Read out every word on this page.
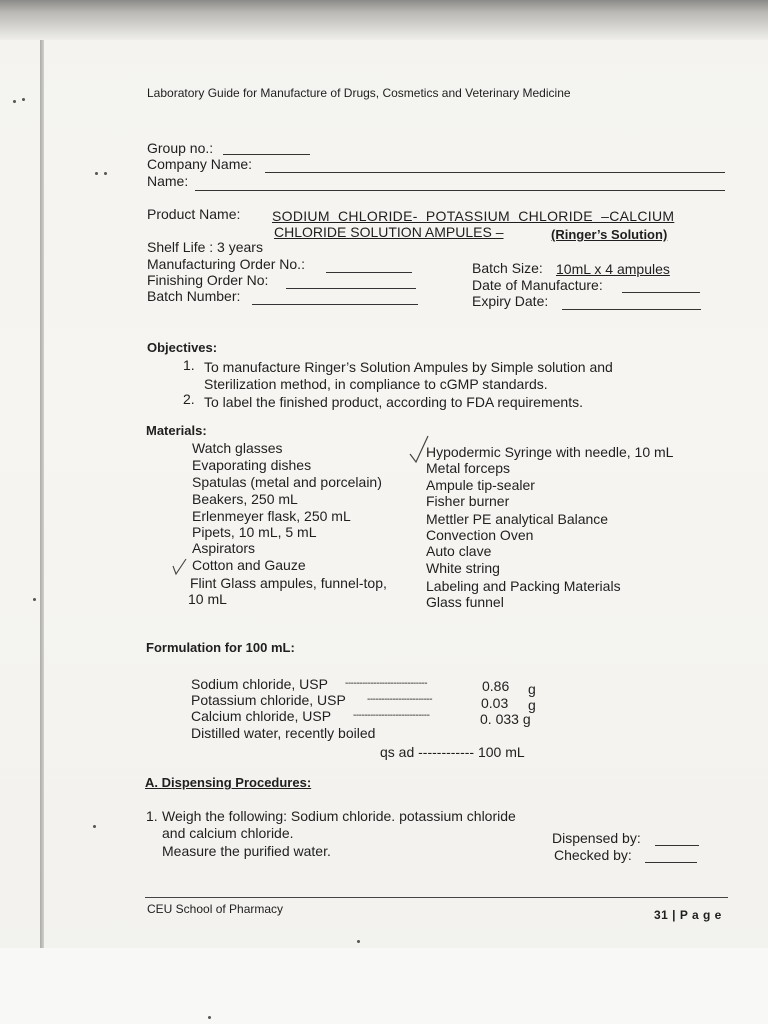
Laboratory Guide for Manufacture of Drugs, Cosmetics and Veterinary Medicine
Group no.:
Company Name:
Name:
Product Name: SODIUM CHLORIDE- POTASSIUM CHLORIDE –CALCIUM
CHLORIDE SOLUTION AMPULES –	(Ringer’s Solution)
Shelf Life : 3 years
Manufacturing Order No.:
Finishing Order No:
Batch Number:
Batch Size: 10mL x 4 ampules
Date of Manufacture:
Expiry Date:
Objectives:
1. To manufacture Ringer’s Solution Ampules by Simple solution and
Sterilization method, in compliance to cGMP standards.
2. To label the finished product, according to FDA requirements.
Materials:
Watch glasses
Evaporating dishes
Spatulas (metal and porcelain)
Beakers, 250 mL
Erlenmeyer flask, 250 mL
Pipets, 10 mL, 5 mL
Aspirators
Cotton and Gauze
Flint Glass ampules, funnel-top,
10 mL
Hypodermic Syringe with needle, 10 mL
Metal forceps
Ampule tip-sealer
Fisher burner
Mettler PE analytical Balance
Convection Oven
Auto clave
White string
Labeling and Packing Materials
Glass funnel
Formulation for 100 mL:
Sodium chloride, USP -----------------------------	0.86 g
Potassium chloride, USP -----------------------	0.03 g
Calcium chloride, USP ---------------------------	0. 033 g
Distilled water, recently boiled
qs ad ------------ 100 mL
A. Dispensing Procedures:
1. Weigh the following: Sodium chloride. potassium chloride
and calcium chloride.
Measure the purified water.
Dispensed by:
Checked by:
CEU School of Pharmacy	31 | P a g e
